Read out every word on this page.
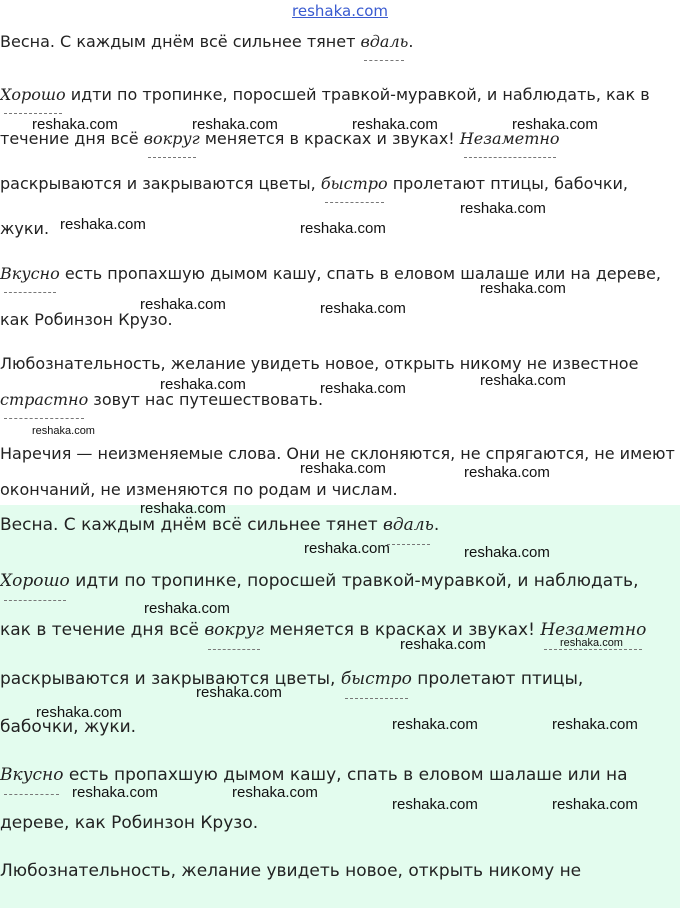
reshaka.com
Весна. С каждым днём всё сильнее тянет вдаль.
Хорошо идти по тропинке, поросшей травкой-муравкой, и наблюдать, как в
течение дня всё вокруг меняется в красках и звуках! Незаметно
раскрываются и закрываются цветы, быстро пролетают птицы, бабочки,
жуки.
Вкусно есть пропахшую дымом кашу, спать в еловом шалаше или на дереве,
как Робинзон Крузо.
Любознательность, желание увидеть новое, открыть никому не известное
страстно зовут нас путешествовать.
Наречия — неизменяемые слова. Они не склоняются, не спрягаются, не имеют
окончаний, не изменяются по родам и числам.
Весна. С каждым днём всё сильнее тянет вдаль.
Хорошо идти по тропинке, поросшей травкой-муравкой, и наблюдать,
как в течение дня всё вокруг меняется в красках и звуках! Незаметно
раскрываются и закрываются цветы, быстро пролетают птицы,
бабочки, жуки.
Вкусно есть пропахшую дымом кашу, спать в еловом шалаше или на
дереве, как Робинзон Крузо.
Любознательность, желание увидеть новое, открыть никому не
reshaka.com	reshaka.com	reshaka.com	reshaka.com
reshaka.com
reshaka.com	reshaka.com
reshaka.com
reshaka.com	reshaka.com
reshaka.com
reshaka.com	reshaka.com
reshaka.com
reshaka.com	reshaka.com
reshaka.com
reshaka.com	reshaka.com
reshaka.com
reshaka.com	reshaka.com
reshaka.com
reshaka.com
reshaka.com	reshaka.com
reshaka.com	reshaka.com
reshaka.com	reshaka.com
